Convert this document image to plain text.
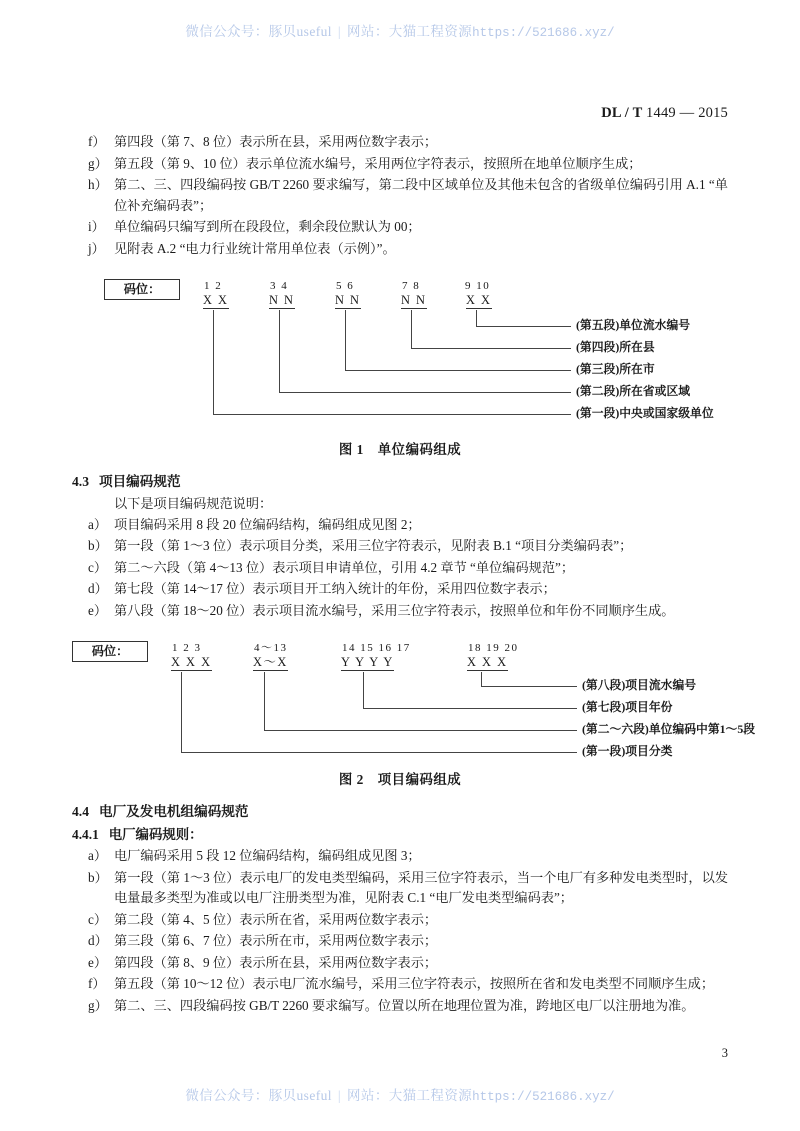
微信公众号：豚贝useful | 网站：大猫工程资源https://521686.xyz/
DL / T 1449 — 2015
f） 第四段（第 7、8 位）表示所在县，采用两位数字表示；
g） 第五段（第 9、10 位）表示单位流水编号，采用两位字符表示，按照所在地单位顺序生成；
h） 第二、三、四段编码按 GB/T 2260 要求编写，第二段中区域单位及其他未包含的省级单位编码引用 A.1 “单位补充编码表”；
i） 单位编码只编写到所在段段位，剩余段位默认为 00；
j） 见附表 A.2 “电力行业统计常用单位表（示例）”。
码位：	1 2	3 4	5 6	7 8	9 10
X X	N N	N N	N N	X X
(第五段)单位流水编号
(第四段)所在县
(第三段)所在市
(第二段)所在省或区域
(第一段)中央或国家级单位
图 1 单位编码组成
4.3 项目编码规范
以下是项目编码规范说明：
a） 项目编码采用 8 段 20 位编码结构，编码组成见图 2；
b） 第一段（第 1～3 位）表示项目分类，采用三位字符表示，见附表 B.1 “项目分类编码表”；
c） 第二～六段（第 4～13 位）表示项目申请单位，引用 4.2 章节 “单位编码规范”；
d） 第七段（第 14～17 位）表示项目开工纳入统计的年份，采用四位数字表示；
e） 第八段（第 18～20 位）表示项目流水编号，采用三位字符表示，按照单位和年份不同顺序生成。
码位：	1 2 3	4～13	14 15 16 17	18 19 20
X X X	X～X	Y Y Y Y	X X X
(第八段)项目流水编号
(第七段)项目年份
(第二～六段)单位编码中第1～5段
(第一段)项目分类
图 2 项目编码组成
4.4 电厂及发电机组编码规范
4.4.1 电厂编码规则：
a） 电厂编码采用 5 段 12 位编码结构，编码组成见图 3；
b） 第一段（第 1～3 位）表示电厂的发电类型编码，采用三位字符表示，当一个电厂有多种发电类型时，以发电量最多类型为准或以电厂注册类型为准，见附表 C.1 “电厂发电类型编码表”；
c） 第二段（第 4、5 位）表示所在省，采用两位数字表示；
d） 第三段（第 6、7 位）表示所在市，采用两位数字表示；
e） 第四段（第 8、9 位）表示所在县，采用两位数字表示；
f） 第五段（第 10～12 位）表示电厂流水编号，采用三位字符表示，按照所在省和发电类型不同顺序生成；
g） 第二、三、四段编码按 GB/T 2260 要求编写。位置以所在地理位置为准，跨地区电厂以注册地为准。
3
微信公众号：豚贝useful | 网站：大猫工程资源https://521686.xyz/
